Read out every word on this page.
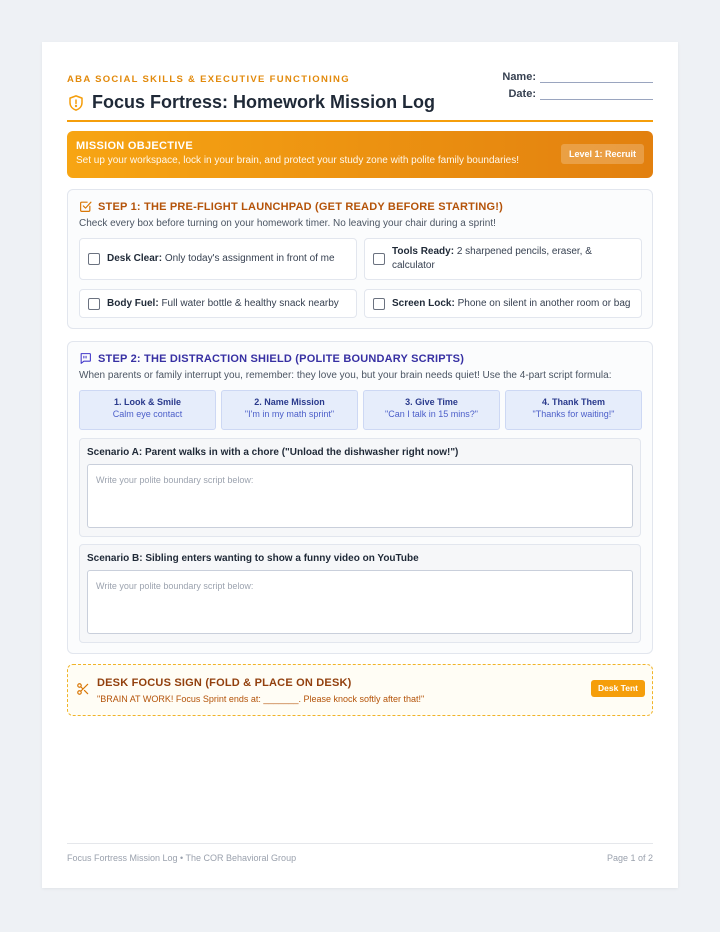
ABA SOCIAL SKILLS & EXECUTIVE FUNCTIONING
Focus Fortress: Homework Mission Log
Name:
Date:
MISSION OBJECTIVE
Set up your workspace, lock in your brain, and protect your study zone with polite family boundaries!
Level 1: Recruit
STEP 1: THE PRE-FLIGHT LAUNCHPAD (GET READY BEFORE STARTING!)
Check every box before turning on your homework timer. No leaving your chair during a sprint!
Desk Clear: Only today's assignment in front of me
Tools Ready: 2 sharpened pencils, eraser, & calculator
Body Fuel: Full water bottle & healthy snack nearby	Screen Lock: Phone on silent in another room or bag
STEP 2: THE DISTRACTION SHIELD (POLITE BOUNDARY SCRIPTS)
When parents or family interrupt you, remember: they love you, but your brain needs quiet! Use the 4-part script formula:
1. Look & Smile
Calm eye contact
2. Name Mission
"I'm in my math sprint"
3. Give Time
"Can I talk in 15 mins?"
4. Thank Them
"Thanks for waiting!"
Scenario A: Parent walks in with a chore ("Unload the dishwasher right now!")
Write your polite boundary script below:
Scenario B: Sibling enters wanting to show a funny video on YouTube
Write your polite boundary script below:
DESK FOCUS SIGN (FOLD & PLACE ON DESK)
"BRAIN AT WORK! Focus Sprint ends at: _______. Please knock softly after that!"
Desk Tent
Focus Fortress Mission Log • The COR Behavioral Group	Page 1 of 2
